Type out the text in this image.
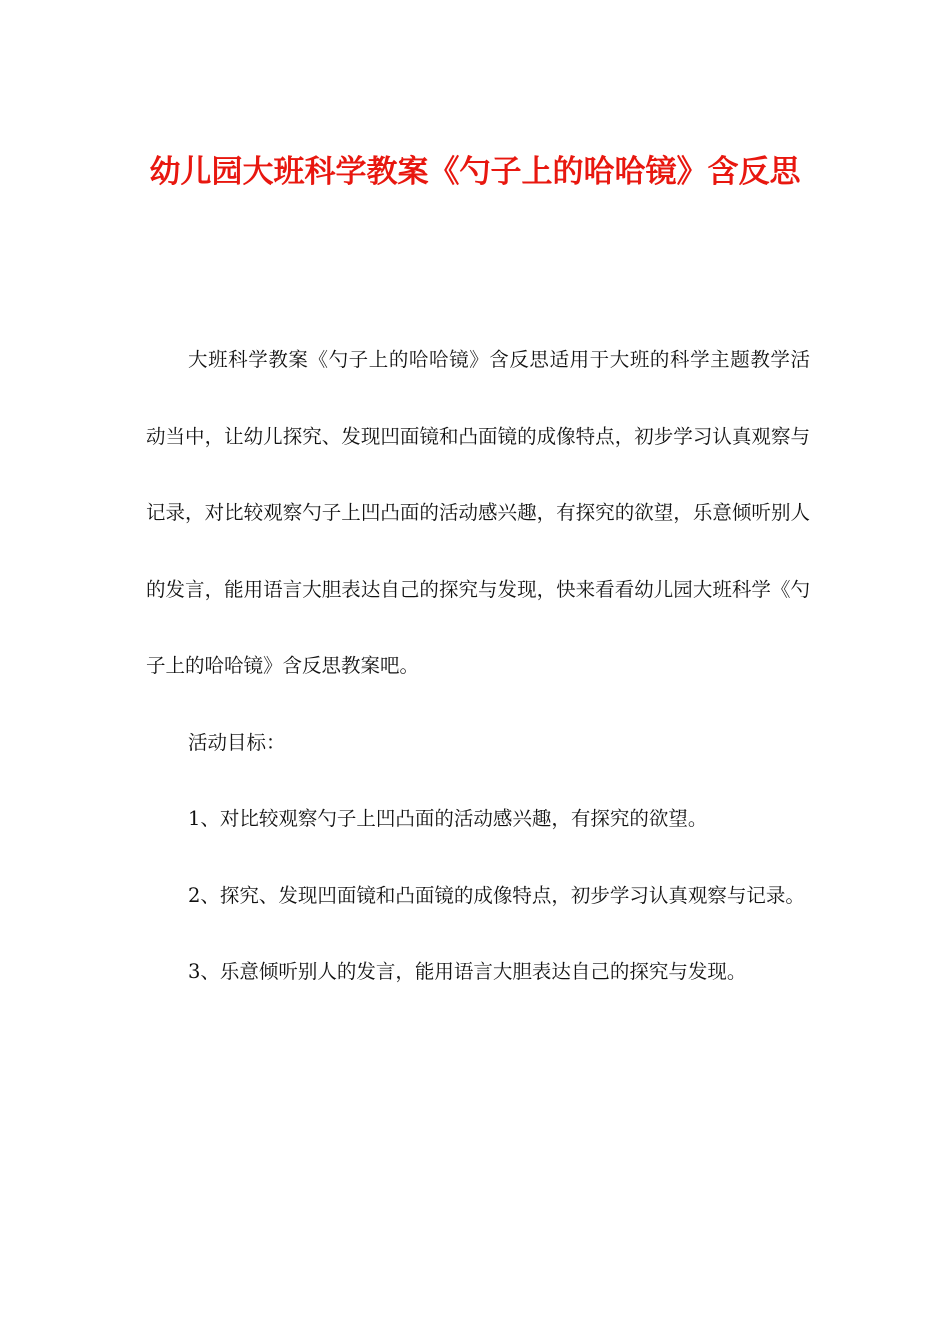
幼儿园大班科学教案《勺子上的哈哈镜》含反思

大班科学教案《勺子上的哈哈镜》含反思适用于大班的科学主题教学活动当中，让幼儿探究、发现凹面镜和凸面镜的成像特点，初步学习认真观察与记录，对比较观察勺子上凹凸面的活动感兴趣，有探究的欲望，乐意倾听别人的发言，能用语言大胆表达自己的探究与发现，快来看看幼儿园大班科学《勺子上的哈哈镜》含反思教案吧。

活动目标：

1、对比较观察勺子上凹凸面的活动感兴趣，有探究的欲望。

2、探究、发现凹面镜和凸面镜的成像特点，初步学习认真观察与记录。

3、乐意倾听别人的发言，能用语言大胆表达自己的探究与发现。
